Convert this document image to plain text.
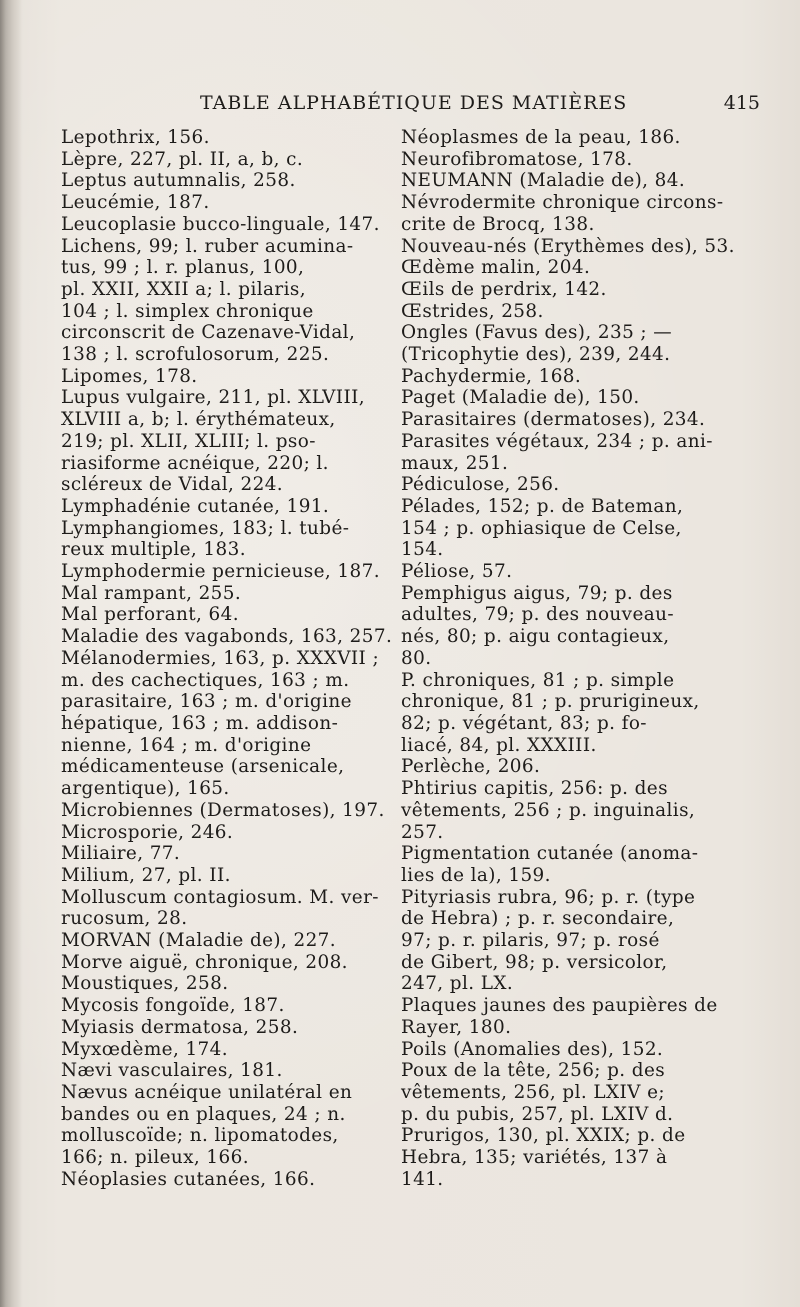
TABLE ALPHABÉTIQUE DES MATIÈRES	415

Lepothrix, 156.

Lèpre, 227, pl. II, a, b, c.

Leptus autumnalis, 258.

Leucémie, 187.

Leucoplasie bucco-linguale, 147.

Lichens, 99; l. ruber acumina-
tus, 99 ; l. r. planus, 100,
pl. XXII, XXII a; l. pilaris,
104 ; l. simplex chronique
circonscrit de Cazenave-Vidal,
138 ; l. scrofulosorum, 225.

Lipomes, 178.

Lupus vulgaire, 211, pl. XLVIII,
XLVIII a, b; l. érythémateux,
219; pl. XLII, XLIII; l. pso-
riasiforme acnéique, 220; l.
scléreux de Vidal, 224.

Lymphadénie cutanée, 191.

Lymphangiomes, 183; l. tubé-
reux multiple, 183.

Lymphodermie pernicieuse, 187.

Mal rampant, 255.

Mal perforant, 64.

Maladie des vagabonds, 163, 257.

Mélanodermies, 163, p. XXXVII ;
m. des cachectiques, 163 ; m.
parasitaire, 163 ; m. d'origine
hépatique, 163 ; m. addison-
nienne, 164 ; m. d'origine
médicamenteuse (arsenicale,
argentique), 165.

Microbiennes (Dermatoses), 197.

Microsporie, 246.

Miliaire, 77.

Milium, 27, pl. II.

Molluscum contagiosum. M. ver-
rucosum, 28.

MORVAN (Maladie de), 227.

Morve aiguë, chronique, 208.

Moustiques, 258.

Mycosis fongoïde, 187.

Myiasis dermatosa, 258.

Myxœdème, 174.

Nævi vasculaires, 181.

Nævus acnéique unilatéral en
bandes ou en plaques, 24 ; n.
molluscoïde; n. lipomatodes,
166; n. pileux, 166.

Néoplasies cutanées, 166.

Néoplasmes de la peau, 186.

Neurofibromatose, 178.

NEUMANN (Maladie de), 84.

Névrodermite chronique circons-
crite de Brocq, 138.

Nouveau-nés (Erythèmes des), 53.

Œdème malin, 204.

Œils de perdrix, 142.

Œstrides, 258.

Ongles (Favus des), 235 ; —
(Tricophytie des), 239, 244.

Pachydermie, 168.

Paget (Maladie de), 150.

Parasitaires (dermatoses), 234.

Parasites végétaux, 234 ; p. ani-
maux, 251.

Pédiculose, 256.

Pélades, 152; p. de Bateman,
154 ; p. ophiasique de Celse,
154.

Péliose, 57.

Pemphigus aigus, 79; p. des
adultes, 79; p. des nouveau-
nés, 80; p. aigu contagieux,
80.

P. chroniques, 81 ; p. simple
chronique, 81 ; p. prurigineux,
82; p. végétant, 83; p. fo-
liacé, 84, pl. XXXIII.

Perlèche, 206.

Phtirius capitis, 256: p. des
vêtements, 256 ; p. inguinalis,
257.

Pigmentation cutanée (anoma-
lies de la), 159.

Pityriasis rubra, 96; p. r. (type
de Hebra) ; p. r. secondaire,
97; p. r. pilaris, 97; p. rosé
de Gibert, 98; p. versicolor,
247, pl. LX.

Plaques jaunes des paupières de
Rayer, 180.

Poils (Anomalies des), 152.

Poux de la tête, 256; p. des
vêtements, 256, pl. LXIV e;
p. du pubis, 257, pl. LXIV d.

Prurigos, 130, pl. XXIX; p. de
Hebra, 135; variétés, 137 à
141.
